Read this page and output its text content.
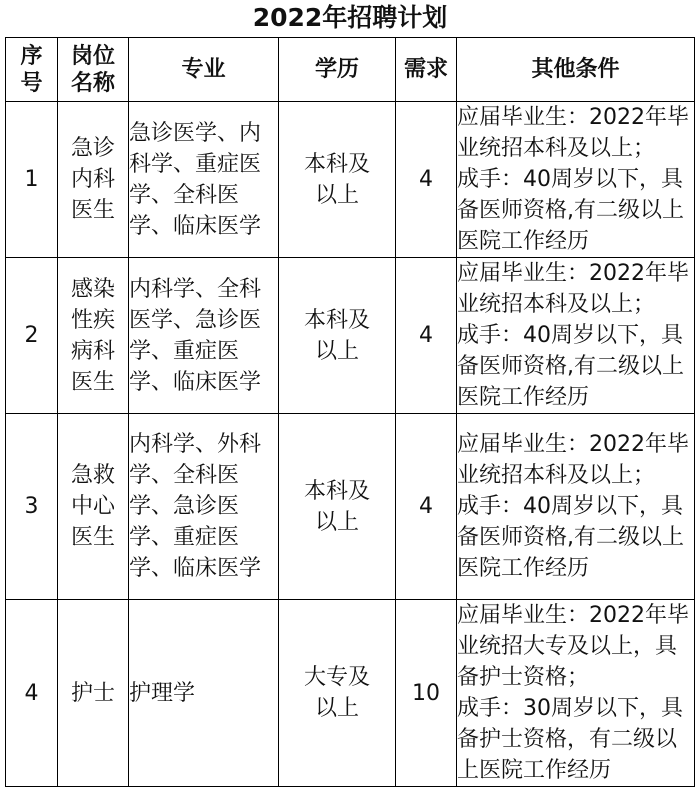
2022年招聘计划
序号	岗位名称	专业	学历	需求	其他条件
1	急诊内科医生	急诊医学、内科学、重症医学、全科医学、临床医学	本科及以上	4	应届毕业生：2022年毕业统招本科及以上；
成手：40周岁以下，具备医师资格,有二级以上医院工作经历

2	感染性疾病科医生	内科学、全科医学、急诊医学、重症医学、临床医学	本科及以上	4	应届毕业生：2022年毕业统招本科及以上；
成手：40周岁以下，具备医师资格,有二级以上医院工作经历

3	急救中心医生	内科学、外科学、全科医学、急诊医学、重症医学、临床医学	本科及以上	4	应届毕业生：2022年毕业统招本科及以上；
成手：40周岁以下，具备医师资格,有二级以上医院工作经历

4	护士	护理学	大专及以上	10	应届毕业生：2022年毕业统招大专及以上，具备护士资格；
成手：30周岁以下，具备护士资格，有二级以上医院工作经历
